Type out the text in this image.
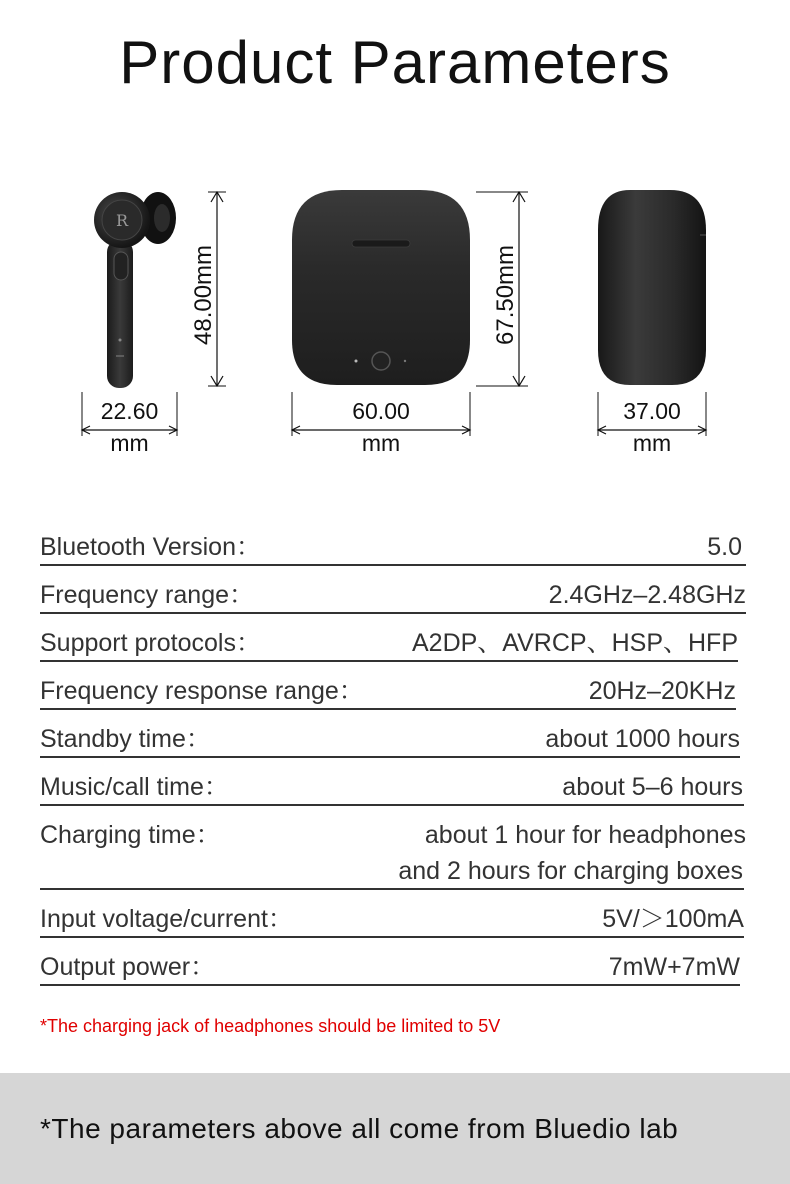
Product Parameters
R
48.00mm
22.60
mm
67.50mm
60.00
mm
37.00
mm
Bluetooth Version：	5.0
Frequency range：	2.4GHz–2.48GHz
Support protocols：	A2DP、AVRCP、HSP、HFP
Frequency response range：	20Hz–20KHz
Standby time：	about 1000 hours
Music/call time：	about 5–6 hours
Charging time：	about 1 hour for headphones
and 2 hours for charging boxes
Input voltage/current：	5V/＞100mA
Output power：	7mW+7mW
*The charging jack of headphones should be limited to 5V
*The parameters above all come from Bluedio lab
